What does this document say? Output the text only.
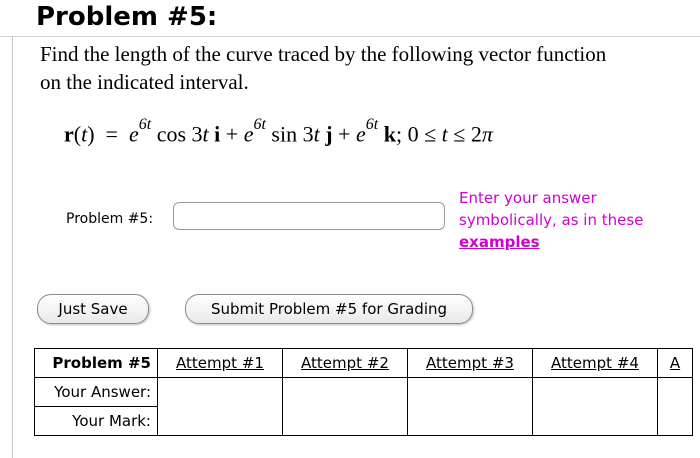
Problem #5:
Find the length of the curve traced by the following vector function
on the indicated interval.
$r(t) = e^{6t}$ cos 3t $i + e^{6t}$ sin 3t $j + e^{6t}$ k; 0 ≤ t ≤ 2π
Problem #5:
Enter your answer symbolically, as in these
examples
Just Save	Submit Problem #5 for Grading
Problem #5	Attempt #1	Attempt #2	Attempt #3	Attempt #4	A
Your Answer:					
Your Mark:					
